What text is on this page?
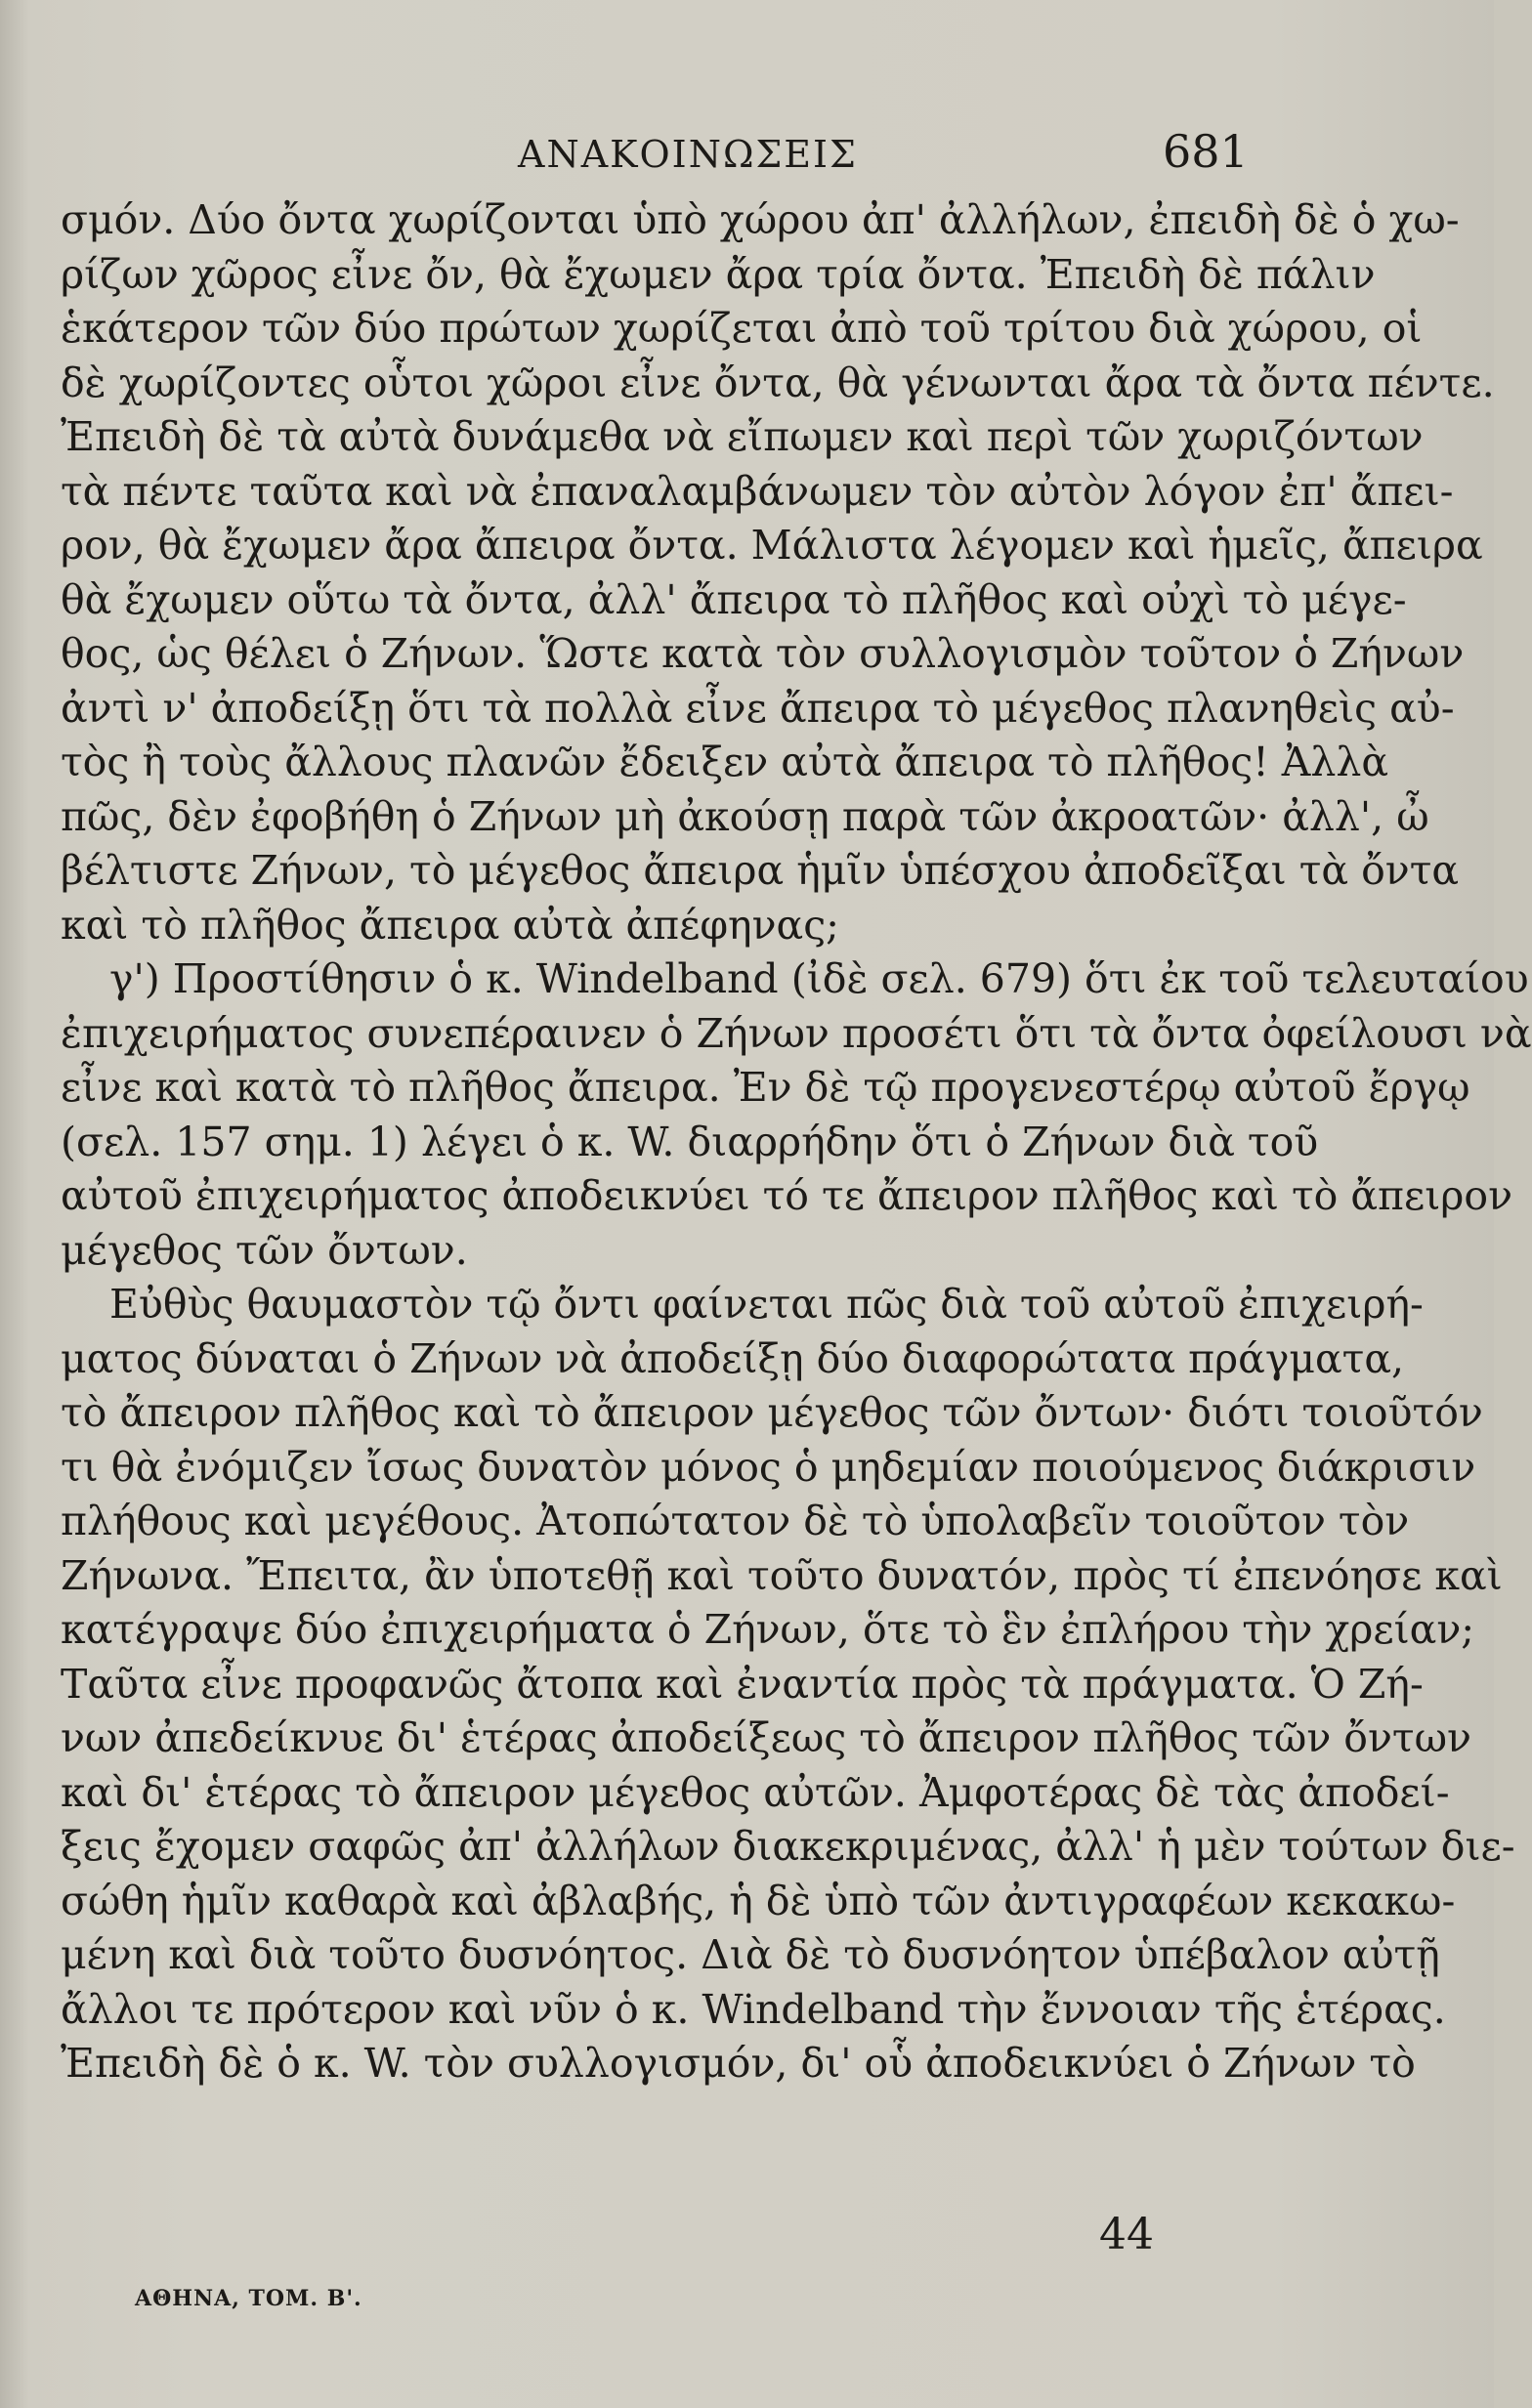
ΑΝΑΚΟΙΝΩΣΕΙΣ	681
σμόν. Δύο ὄντα χωρίζονται ὑπὸ χώρου ἀπ' ἀλλήλων, ἐπειδὴ δὲ ὁ χω-
ρίζων χῶρος εἶνε ὄν, θὰ ἔχωμεν ἄρα τρία ὄντα. Ἐπειδὴ δὲ πάλιν
ἑκάτερον τῶν δύο πρώτων χωρίζεται ἀπὸ τοῦ τρίτου διὰ χώρου, οἱ
δὲ χωρίζοντες οὗτοι χῶροι εἶνε ὄντα, θὰ γένωνται ἄρα τὰ ὄντα πέντε.
Ἐπειδὴ δὲ τὰ αὐτὰ δυνάμεθα νὰ εἴπωμεν καὶ περὶ τῶν χωριζόντων
τὰ πέντε ταῦτα καὶ νὰ ἐπαναλαμβάνωμεν τὸν αὐτὸν λόγον ἐπ' ἄπει-
ρον, θὰ ἔχωμεν ἄρα ἄπειρα ὄντα. Μάλιστα λέγομεν καὶ ἡμεῖς, ἄπειρα
θὰ ἔχωμεν οὕτω τὰ ὄντα, ἀλλ' ἄπειρα τὸ πλῆθος καὶ οὐχὶ τὸ μέγε-
θος, ὡς θέλει ὁ Ζήνων. Ὥστε κατὰ τὸν συλλογισμὸν τοῦτον ὁ Ζήνων
ἀντὶ ν' ἀποδείξῃ ὅτι τὰ πολλὰ εἶνε ἄπειρα τὸ μέγεθος πλανηθεὶς αὐ-
τὸς ἢ τοὺς ἄλλους πλανῶν ἔδειξεν αὐτὰ ἄπειρα τὸ πλῆθος! Ἀλλὰ
πῶς, δὲν ἐφοβήθη ὁ Ζήνων μὴ ἀκούσῃ παρὰ τῶν ἀκροατῶν· ἀλλ', ὦ
βέλτιστε Ζήνων, τὸ μέγεθος ἄπειρα ἡμῖν ὑπέσχου ἀποδεῖξαι τὰ ὄντα
καὶ τὸ πλῆθος ἄπειρα αὐτὰ ἀπέφηνας;
γ') Προστίθησιν ὁ κ. Windelband (ἰδὲ σελ. 679) ὅτι ἐκ τοῦ τελευταίου
ἐπιχειρήματος συνεπέραινεν ὁ Ζήνων προσέτι ὅτι τὰ ὄντα ὀφείλουσι νὰ
εἶνε καὶ κατὰ τὸ πλῆθος ἄπειρα. Ἐν δὲ τῷ προγενεστέρῳ αὐτοῦ ἔργῳ
(σελ. 157 σημ. 1) λέγει ὁ κ. W. διαρρήδην ὅτι ὁ Ζήνων διὰ τοῦ
αὐτοῦ ἐπιχειρήματος ἀποδεικνύει τό τε ἄπειρον πλῆθος καὶ τὸ ἄπειρον
μέγεθος τῶν ὄντων.
Εὐθὺς θαυμαστὸν τῷ ὄντι φαίνεται πῶς διὰ τοῦ αὐτοῦ ἐπιχειρή-
ματος δύναται ὁ Ζήνων νὰ ἀποδείξῃ δύο διαφορώτατα πράγματα,
τὸ ἄπειρον πλῆθος καὶ τὸ ἄπειρον μέγεθος τῶν ὄντων· διότι τοιοῦτόν
τι θὰ ἐνόμιζεν ἴσως δυνατὸν μόνος ὁ μηδεμίαν ποιούμενος διάκρισιν
πλήθους καὶ μεγέθους. Ἀτοπώτατον δὲ τὸ ὑπολαβεῖν τοιοῦτον τὸν
Ζήνωνα. Ἔπειτα, ἂν ὑποτεθῇ καὶ τοῦτο δυνατόν, πρὸς τί ἐπενόησε καὶ
κατέγραψε δύο ἐπιχειρήματα ὁ Ζήνων, ὅτε τὸ ἓν ἐπλήρου τὴν χρείαν;
Ταῦτα εἶνε προφανῶς ἄτοπα καὶ ἐναντία πρὸς τὰ πράγματα. Ὁ Ζή-
νων ἀπεδείκνυε δι' ἑτέρας ἀποδείξεως τὸ ἄπειρον πλῆθος τῶν ὄντων
καὶ δι' ἑτέρας τὸ ἄπειρον μέγεθος αὐτῶν. Ἀμφοτέρας δὲ τὰς ἀποδεί-
ξεις ἔχομεν σαφῶς ἀπ' ἀλλήλων διακεκριμένας, ἀλλ' ἡ μὲν τούτων διε-
σώθη ἡμῖν καθαρὰ καὶ ἀβλαβής, ἡ δὲ ὑπὸ τῶν ἀντιγραφέων κεκακω-
μένη καὶ διὰ τοῦτο δυσνόητος. Διὰ δὲ τὸ δυσνόητον ὑπέβαλον αὐτῇ
ἄλλοι τε πρότερον καὶ νῦν ὁ κ. Windelband τὴν ἔννοιαν τῆς ἑτέρας.
Ἐπειδὴ δὲ ὁ κ. W. τὸν συλλογισμόν, δι' οὗ ἀποδεικνύει ὁ Ζήνων τὸ
44
ΑΘΗΝΑ, ΤΟΜ. Β'.
